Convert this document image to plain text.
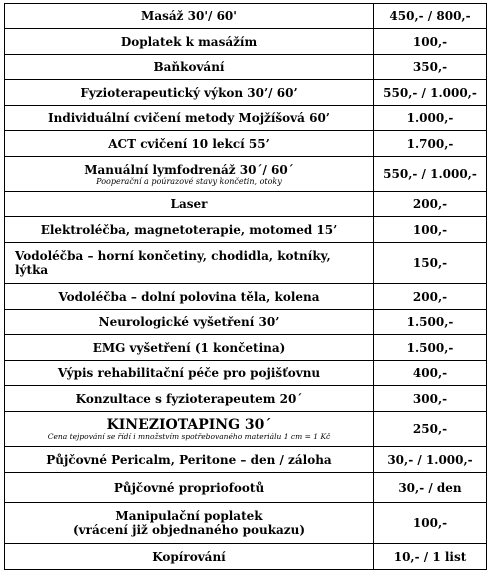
Masáž 30'/ 60'	450,- / 800,-
Doplatek k masážím	100,-
Baňkování	350,-
Fyzioterapeutický výkon 30’/ 60’	550,- / 1.000,-
Individuální cvičení metody Mojžíšová 60’	1.000,-
ACT cvičení 10 lekcí 55’	1.700,-
Manuální lymfodrenáž 30´/ 60´
Pooperační a poúrazové stavy končetin, otoky	550,- / 1.000,-
Laser	200,-
Elektroléčba, magnetoterapie, motomed 15’	100,-
Vodoléčba – horní končetiny, chodidla, kotníky,
lýtka	150,-
Vodoléčba – dolní polovina těla, kolena	200,-
Neurologické vyšetření 30’	1.500,-
EMG vyšetření (1 končetina)	1.500,-
Výpis rehabilitační péče pro pojišťovnu	400,-
Konzultace s fyzioterapeutem 20´	300,-
KINEZIOTAPING 30´
Cena tejpování se řídí i množstvím spotřebovaného materiálu 1 cm = 1 Kč	250,-
Půjčovné Pericalm, Peritone – den / záloha	30,- / 1.000,-
Půjčovné propriofootů	30,- / den
Manipulační poplatek
(vrácení již objednaného poukazu)	100,-
Kopírování	10,- / 1 list
